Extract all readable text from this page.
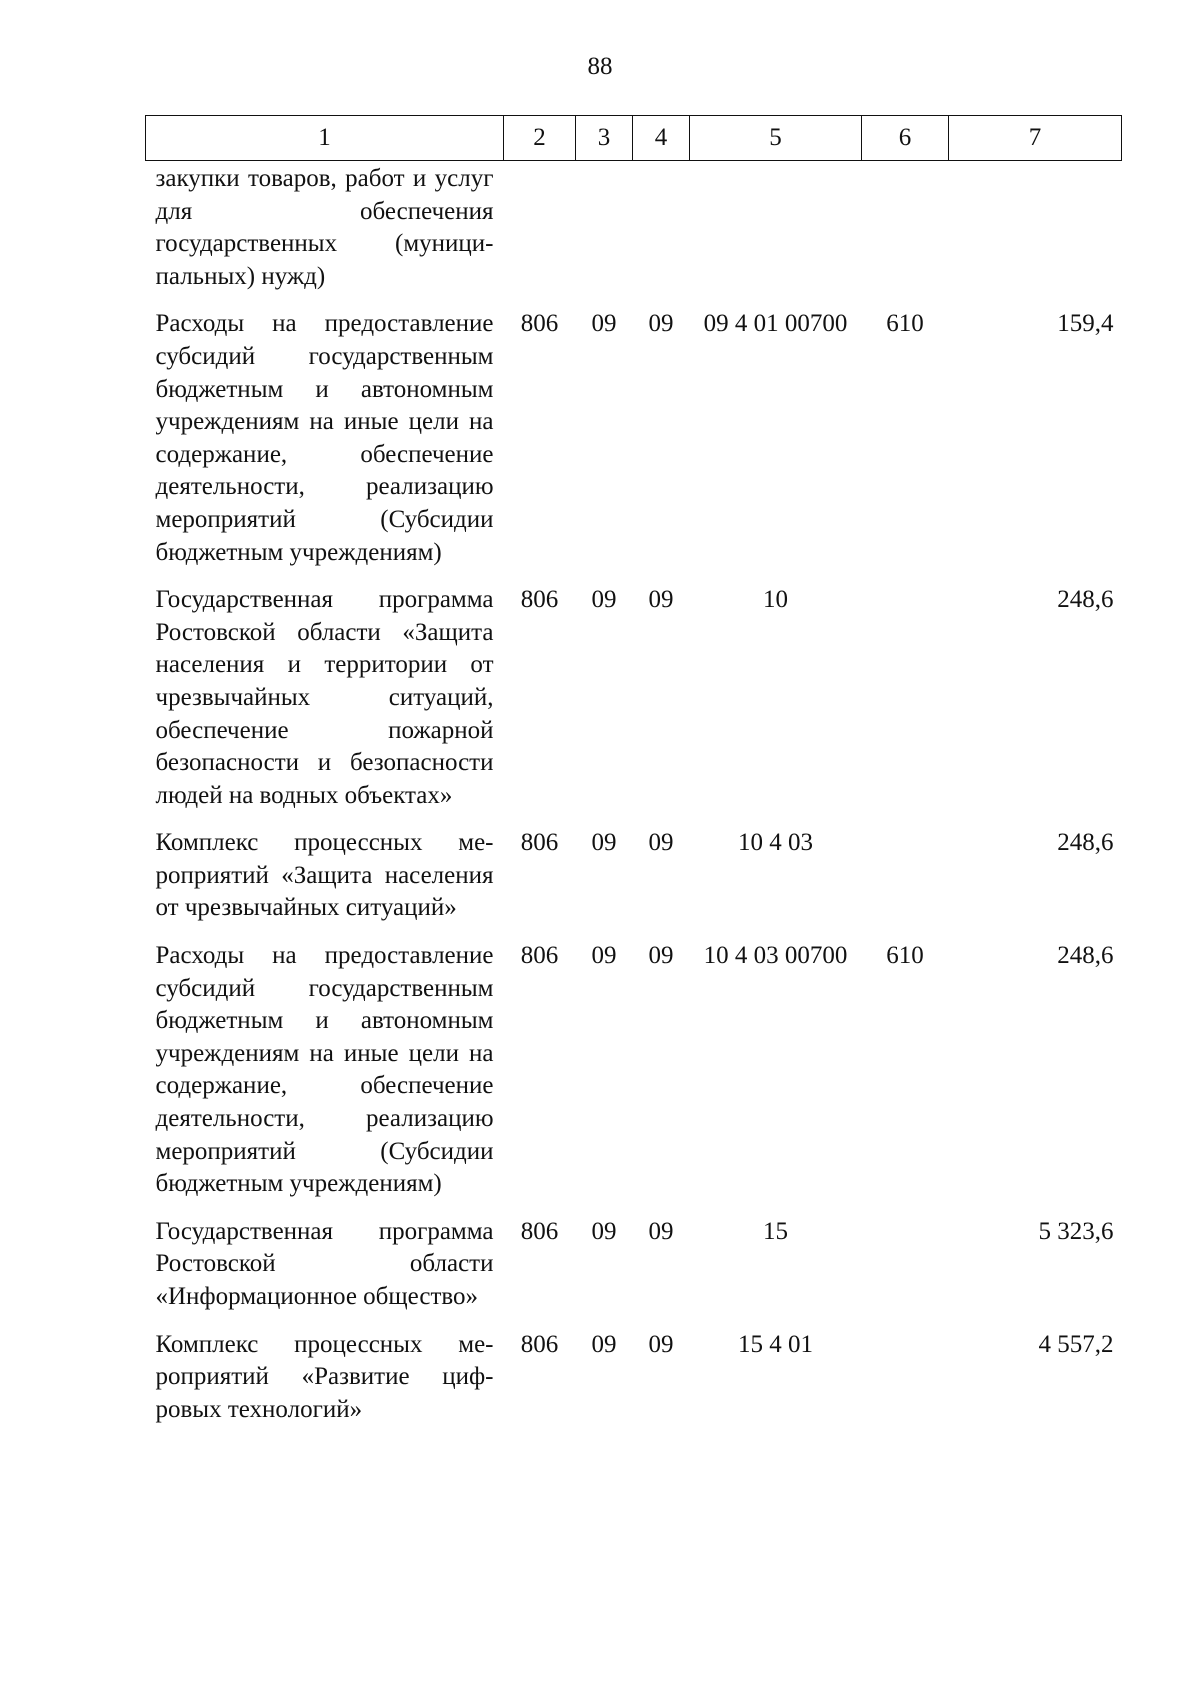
88
1	2	3	4	5	6	7
закупки товаров, работ и услуг для обеспечения государственных (муниципальных) нужд)						
Расходы на предоставление субсидий государственным бюджетным и автономным учреждениям на иные цели на содержание, обеспечение деятельности, реализацию мероприятий (Субсидии бюджетным учреждениям)	806	09	09	09 4 01 00700	610	159,4
Государственная программа Ростовской области «Защита населения и территории от чрезвычайных ситуаций, обеспечение пожарной безопасности и безопасности людей на водных объектах»	806	09	09	10		248,6
Комплекс процессных мероприятий «Защита населения от чрезвычайных ситуаций»	806	09	09	10 4 03		248,6
Расходы на предоставление субсидий государственным бюджетным и автономным учреждениям на иные цели на содержание, обеспечение деятельности, реализацию мероприятий (Субсидии бюджетным учреждениям)	806	09	09	10 4 03 00700	610	248,6
Государственная программа Ростовской области «Информационное общество»	806	09	09	15		5 323,6
Комплекс процессных мероприятий «Развитие цифровых технологий»	806	09	09	15 4 01		4 557,2
